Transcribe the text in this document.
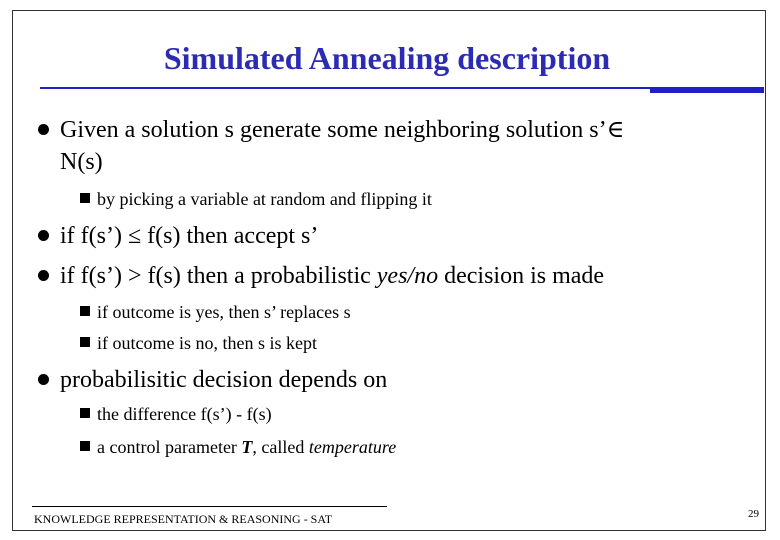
Simulated Annealing description
Given a solution s generate some neighboring solution s’∈
N(s)
by picking a variable at random and flipping it
if f(s’) ≤ f(s) then accept s’
if f(s’) > f(s) then a probabilistic yes/no decision is made
if outcome is yes, then s’ replaces s
if outcome is no, then s is kept
probabilisitic decision depends on
the difference f(s’) - f(s)
a control parameter T, called temperature
KNOWLEDGE REPRESENTATION & REASONING - SAT	29
